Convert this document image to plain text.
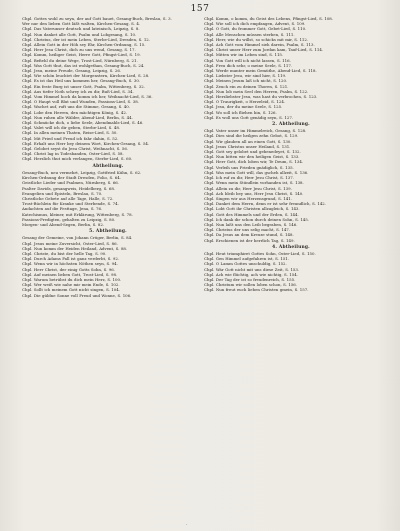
157

Chpl. Gottes wohl zu seyn, der auf Gott bauet, Gesang-Buch, Breslau, S. 3.

Wer nur den lieben Gott läßt walten, Kirchen-Gesang, S. 4.

Chpl. Das Vaterunser deutsch und lateinisch, Leipzig, S. 8.

Chpl. Nun danket alle Gott, Psalm und Lobgesang, S. 10.

Chpl. Christus, der ist mein Leben, Sterbe-Lied, Dresden, S. 12.

Chpl. Allein Gott in der Höh sey Ehr, Kirchen-Ordnung, S. 15.

Chpl. Herr Jesu Christ, dich zu uns wend, Gesang, S. 17.

Chpl. Komm, heiliger Geist, Herre Gott, Pfingst-Lied, S. 19.

Chpl. Befiehl du deine Wege, Trost-Lied, Nürnberg, S. 21.

Chpl. Was Gott thut, das ist wohlgethan, Gesang-Buch, S. 24.

Chpl. Jesu, meine Freude, Gesang, Leipzig, S. 26.

Chpl. Wie schön leuchtet der Morgenstern, Kirchen-Lied, S. 28.

Chpl. Es ist das Heil uns kommen her, Gesang-Buch, S. 30.

Chpl. Ein feste Burg ist unser Gott, Psalm, Wittenberg, S. 32.

Chpl. Aus tiefer Noth schrey ich zu dir, Buß-Lied, S. 34.

Chpl. Vom Himmel hoch da komm ich her, Weihnacht-Lied, S. 36.

Chpl. O Haupt voll Blut und Wunden, Passions-Lied, S. 38.

Chpl. Wachet auf, ruft uns die Stimme, Gesang, S. 40.

Chpl. Lobe den Herren, den mächtigen König, S. 42.

Chpl. Nun ruhen alle Wälder, Abend-Lied, Berlin, S. 44.

Chpl. Schmücke dich, o liebe Seele, Abendmahls-Lied, S. 46.

Chpl. Valet will ich dir geben, Sterbe-Lied, S. 48.

Chpl. In allen meinen Thaten, Reise-Lied, S. 50.

Chpl. Mit Fried und Freud ich fahr dahin, S. 52.

Chpl. Erhalt uns Herr bey deinem Wort, Kirchen-Gesang, S. 54.

Chpl. Gelobet seyst du Jesu Christ, Weihnacht, S. 56.

Chpl. Christ lag in Todesbanden, Oster-Lied, S. 58.

Chpl. Herzlich thut mich verlangen, Sterbe-Lied, S. 60.

Abtheilung.

Gesang-Buch, neu vermehrt, Leipzig, Gottfried Kühn, S. 62.

Kirchen-Ordnung der Stadt Dresden, Folio, S. 64.

Geistliche Lieder und Psalmen, Nürnberg, S. 66.

Psalter Davids, gesangweis, Heidelberg, S. 68.

Evangelien und Episteln, Breslau, S. 70.

Christliche Gebete auf alle Tage, Halle, S. 72.

Trost-Büchlein für Kranke und Sterbende, S. 74.

Andachten auf die Festtage, Jena, S. 76.

Katechismus, kleiner, mit Erklärung, Wittenberg, S. 78.

Passions-Predigten, gehalten zu Leipzig, S. 80.

Morgen- und Abend-Segen, Berlin, S. 82.

5. Abtheilung.

Gesang der Gemeine, von Johann Crüger, Berlin, S. 84.

Chpl. Jesus meine Zuversicht, Oster-Lied, S. 86.

Chpl. Nun komm der Heiden Heiland, Advent, S. 88.

Chpl. Christe, du bist der helle Tag, S. 90.

Chpl. Durch Adams Fall ist ganz verderbt, S. 92.

Chpl. Wenn wir in höchsten Nöthen seyn, S. 94.

Chpl. Herr Christ, der einig Gotts Sohn, S. 96.

Chpl. Auf meinen lieben Gott, Trost-Lied, S. 98.

Chpl. Warum betrübst du dich mein Herz, S. 100.

Chpl. Wer weiß wie nahe mir mein Ende, S. 102.

Chpl. Sollt ich meinem Gott nicht singen, S. 104.

Chpl. Die güldne Sonne voll Freud und Wonne, S. 106.

Chpl. Komm, o komm, du Geist des Lebens, Pfingst-Lied, S. 108.

Chpl. Wie soll ich dich empfangen, Advent, S. 109.

Chpl. O Gott, du frommer Gott, Gebet-Lied, S. 110.

Chpl. Alle Menschen müssen sterben, S. 111.

Chpl. Herr, wie du willst, so schicks mit mir, S. 112.

Chpl. Ach Gott vom Himmel sieh darein, Psalm, S. 113.

Chpl. Christ unser Herr zum Jordan kam, Tauf-Lied, S. 114.

Chpl. Mitten wir im Leben sind, S. 115.

Chpl. Von Gott will ich nicht lassen, S. 116.

Chpl. Freu dich sehr, o meine Seele, S. 117.

Chpl. Werde munter mein Gemüthe, Abend-Lied, S. 118.

Chpl. Liebster Jesu, wir sind hier, S. 119.

Chpl. Meinen Jesum laß ich nicht, S. 120.

Chpl. Zeuch ein zu deinen Thoren, S. 121.

Chpl. Nun lob mein Seel den Herren, Psalm, S. 122.

Chpl. Herzliebster Jesu, was hast du verbrochen, S. 123.

Chpl. O Traurigkeit, o Herzeleid, S. 124.

Chpl. Jesu, der du meine Seele, S. 125.

Chpl. Wo soll ich fliehen hin, S. 126.

Chpl. Es woll uns Gott genädig seyn, S. 127.

2. Abtheilung.

Chpl. Vater unser im Himmelreich, Gesang, S. 128.

Chpl. Dies sind die heilgen zehn Gebot, S. 129.

Chpl. Wir glauben all an einen Gott, S. 130.

Chpl. Jesus Christus unser Heiland, S. 131.

Chpl. Gott sey gelobet und gebenedeyet, S. 132.

Chpl. Nun bitten wir den heiligen Geist, S. 133.

Chpl. Herr Gott, dich loben wir, Te Deum, S. 134.

Chpl. Verleih uns Frieden gnädiglich, S. 135.

Chpl. Was mein Gott will, das gscheh allzeit, S. 136.

Chpl. Ich ruf zu dir, Herr Jesu Christ, S. 137.

Chpl. Wenn mein Stündlein vorhanden ist, S. 138.

Chpl. Allein zu dir, Herr Jesu Christ, S. 139.

Chpl. Ach bleib bey uns, Herr Jesu Christ, S. 140.

Chpl. Singen wir aus Herzensgrund, S. 141.

Chpl. Danket dem Herrn, denn er ist sehr freundlich, S. 142.

Chpl. Lobt Gott ihr Christen allzugleich, S. 143.

Chpl. Gott des Himmels und der Erden, S. 144.

Chpl. Ich dank dir schon durch deinen Sohn, S. 145.

Chpl. Nun laßt uns den Leib begraben, S. 146.

Chpl. Christus der uns selig macht, S. 147.

Chpl. Da Jesus an dem Kreuze stund, S. 148.

Chpl. Erschienen ist der herrlich Tag, S. 149.

4. Abtheilung.

Chpl. Heut triumphiret Gottes Sohn, Oster-Lied, S. 150.

Chpl. Gen Himmel aufgefahren ist, S. 151.

Chpl. O Lamm Gottes unschuldig, S. 152.

Chpl. Wär Gott nicht mit uns diese Zeit, S. 153.

Chpl. Ach wie flüchtig, ach wie nichtig, S. 154.

Chpl. Der Tag der ist so freudenreich, S. 155.

Chpl. Christum wir sollen loben schon, S. 156.

Chpl. Nun freut euch lieben Christen gmein, S. 157.

·
